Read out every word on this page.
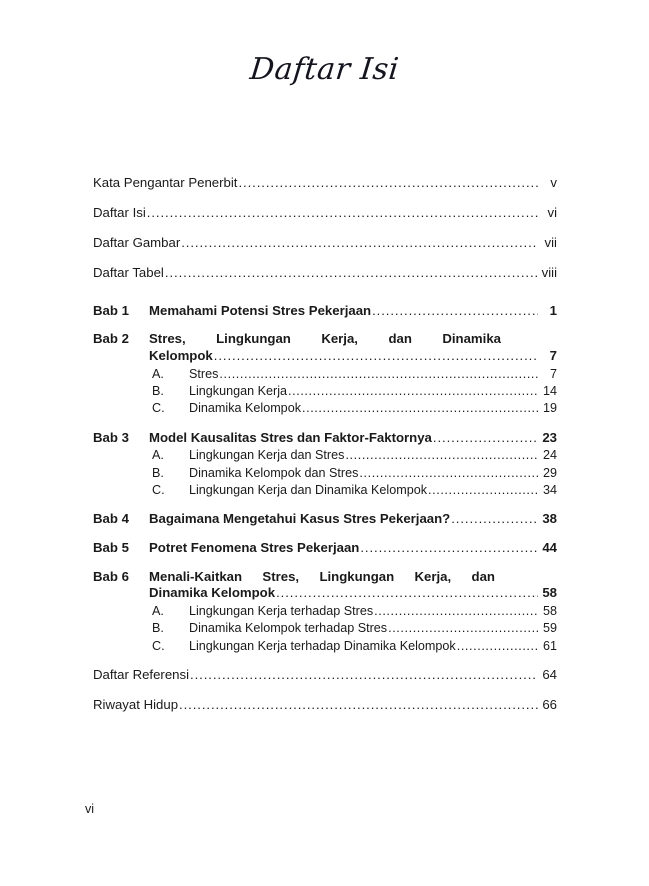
Daftar Isi
Kata Pengantar Penerbit .....	v
Daftar Isi .....	vi
Daftar Gambar .....	vii
Daftar Tabel .....	viii
Bab 1	Memahami Potensi Stres Pekerjaan .....	1
Bab 2	Stres, Lingkungan Kerja, dan Dinamika
Kelompok .....	7
A.	Stres .....	7
B.	Lingkungan Kerja .....	14
C.	Dinamika Kelompok .....	19
Bab 3	Model Kausalitas Stres dan Faktor-Faktornya .....	23
A.	Lingkungan Kerja dan Stres .....	24
B.	Dinamika Kelompok dan Stres .....	29
C.	Lingkungan Kerja dan Dinamika Kelompok .....	34
Bab 4	Bagaimana Mengetahui Kasus Stres Pekerjaan? .....	38
Bab 5	Potret Fenomena Stres Pekerjaan .....	44
Bab 6	Menali-Kaitkan Stres, Lingkungan Kerja, dan
Dinamika Kelompok .....	58
A.	Lingkungan Kerja terhadap Stres .....	58
B.	Dinamika Kelompok terhadap Stres .....	59
C.	Lingkungan Kerja terhadap Dinamika Kelompok .....	61
Daftar Referensi .....	64
Riwayat Hidup .....	66
vi
